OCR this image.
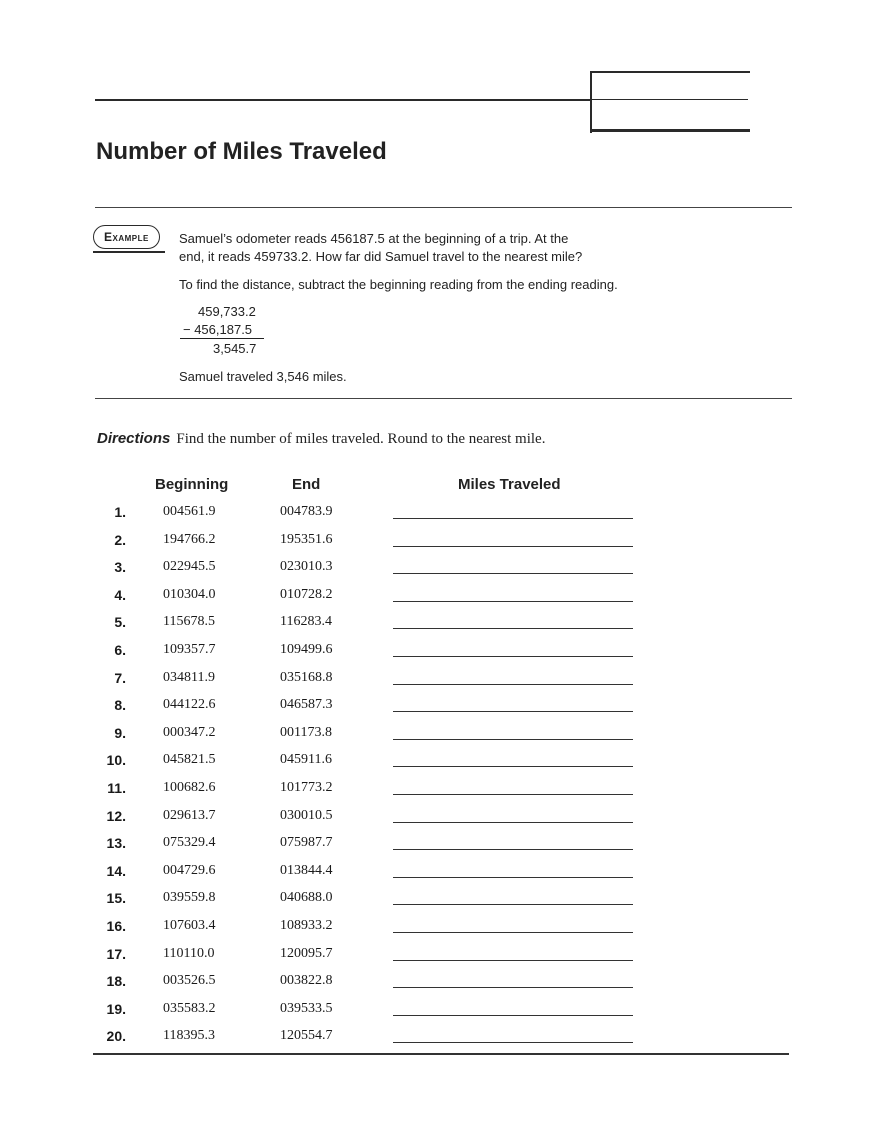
Number of Miles Traveled
Example	Samuel’s odometer reads 456187.5 at the beginning of a trip. At the
end, it reads 459733.2. How far did Samuel travel to the nearest mile?
To find the distance, subtract the beginning reading from the ending reading.
459,733.2
− 456,187.5
3,545.7
Samuel traveled 3,546 miles.
Directions Find the number of miles traveled. Round to the nearest mile.
Beginning	End	Miles Traveled
1.	004561.9	004783.9
2.	194766.2	195351.6
3.	022945.5	023010.3
4.	010304.0	010728.2
5.	115678.5	116283.4
6.	109357.7	109499.6
7.	034811.9	035168.8
8.	044122.6	046587.3
9.	000347.2	001173.8
10.	045821.5	045911.6
11.	100682.6	101773.2
12.	029613.7	030010.5
13.	075329.4	075987.7
14.	004729.6	013844.4
15.	039559.8	040688.0
16.	107603.4	108933.2
17.	110110.0	120095.7
18.	003526.5	003822.8
19.	035583.2	039533.5
20.	118395.3	120554.7
